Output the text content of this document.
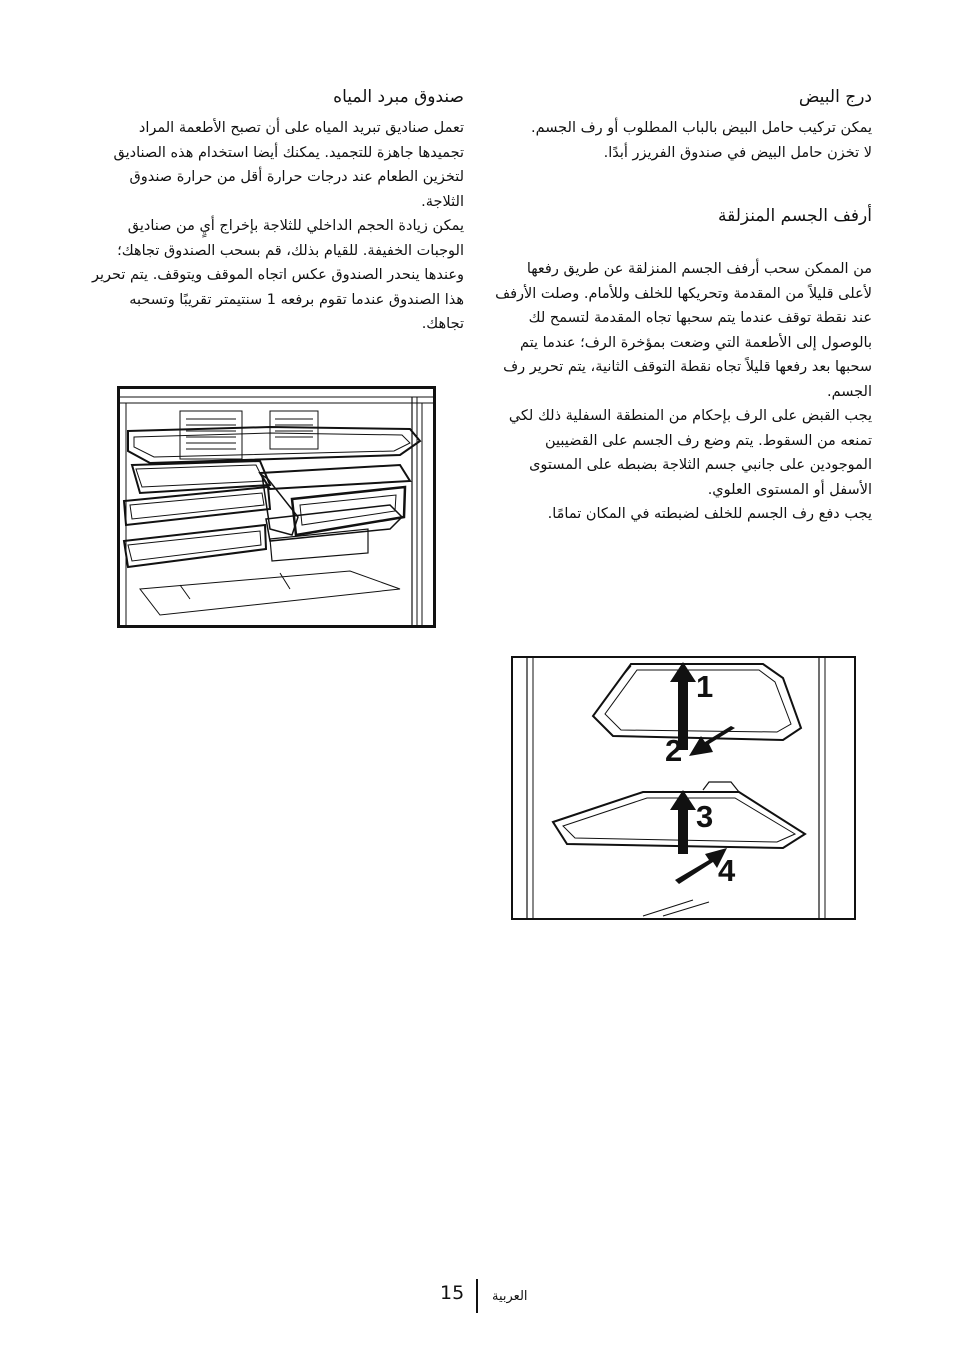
درج البيض

يمكن تركيب حامل البيض بالباب المطلوب أو رف الجسم.

لا تخزن حامل البيض في صندوق الفريزر أبدًا.

أرفف الجسم المنزلقة

من الممكن سحب أرفف الجسم المنزلقة عن طريق رفعها لأعلى قليلاً من المقدمة وتحريكها للخلف وللأمام. وصلت الأرفف عند نقطة توقف عندما يتم سحبها تجاه المقدمة لتسمح لك بالوصول إلى الأطعمة التي وضعت بمؤخرة الرف؛ عندما يتم سحبها بعد رفعها قليلاً تجاه نقطة التوقف الثانية، يتم تحرير رف الجسم.

يجب القبض على الرف بإحكام من المنطقة السفلية ذلك لكي تمنعه من السقوط. يتم وضع رف الجسم على القضيبين الموجودين على جانبي جسم الثلاجة بضبطه على المستوى الأسفل أو المستوى العلوي.

يجب دفع رف الجسم للخلف لضبطته في المكان تمامًا.

صندوق مبرد المياه

تعمل صناديق تبريد المياه على أن تصبح الأطعمة المراد تجميدها جاهزة للتجميد. يمكنك أيضا استخدام هذه الصناديق لتخزين الطعام عند درجات حرارة أقل من حرارة صندوق الثلاجة.

يمكن زيادة الحجم الداخلي للثلاجة بإخراج أيٍ من صناديق الوجبات الخفيفة. للقيام بذلك، قم بسحب الصندوق تجاهك؛ وعندها ينحدر الصندوق عكس اتجاه الموقف ويتوقف. يتم تحرير هذا الصندوق عندما تقوم برفعه 1 سنتيمتر تقريبًا وتسحبه تجاهك.

1
2
3
4
15 العربية
